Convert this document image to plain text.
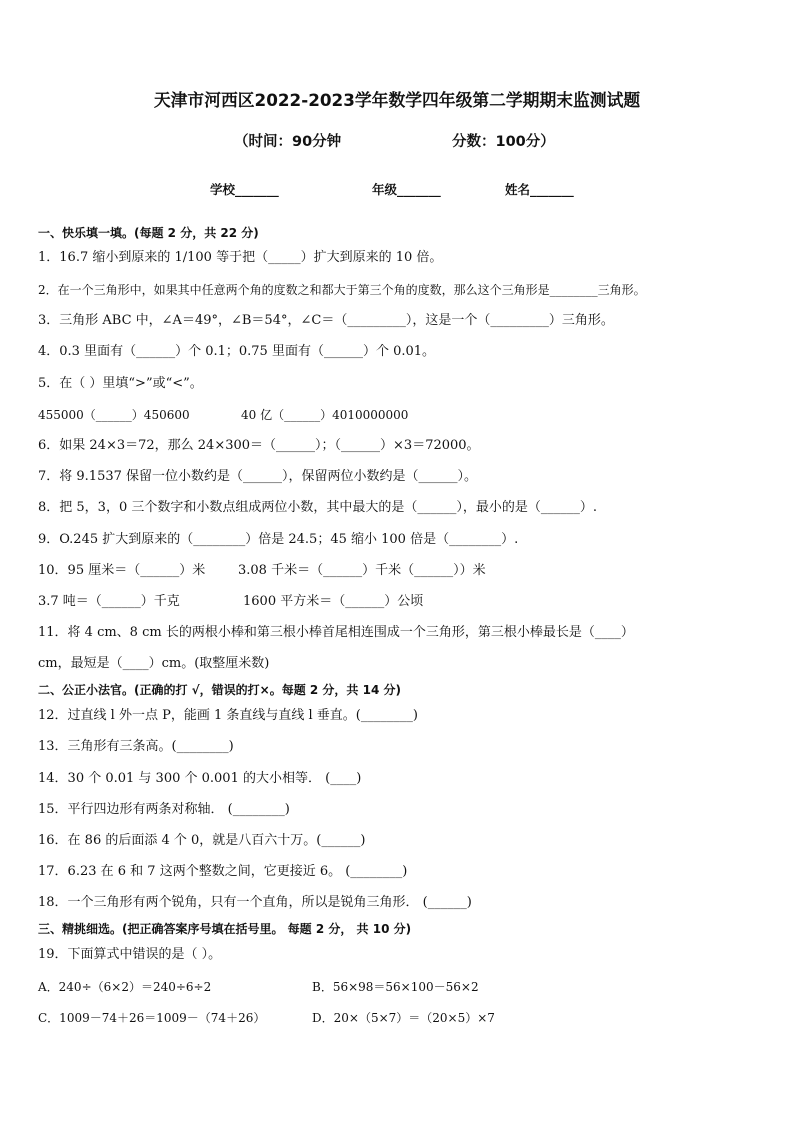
天津市河西区2022-2023学年数学四年级第二学期期末监测试题
（时间：90分钟	分数：100分）
学校_______	年级_______	姓名_______
一、快乐填一填。(每题 2 分，共 22 分)
1．16.7 缩小到原来的 1/100 等于把（_____）扩大到原来的 10 倍。
2．在一个三角形中，如果其中任意两个角的度数之和都大于第三个角的度数，那么这个三角形是________三角形。
3．三角形 ABC 中，∠A＝49°，∠B＝54°，∠C＝（_________），这是一个（_________）三角形。
4．0.3 里面有（______）个 0.1；0.75 里面有（______）个 0.01。
5．在（ ）里填“>”或“<”。
455000（______）450600	40 亿（______）4010000000
6．如果 24×3＝72，那么 24×300＝（______）；（______）×3＝72000。
7．将 9.1537 保留一位小数约是（______），保留两位小数约是（______）。
8．把 5，3，0 三个数字和小数点组成两位小数，其中最大的是（______），最小的是（______）.
9．O.245 扩大到原来的（________）倍是 24.5；45 缩小 100 倍是（________）.
10．95 厘米＝（______）米	3.08 千米＝（______）千米（______））米
3.7 吨＝（______）千克	1600 平方米＝（______）公顷
11．将 4 cm、8 cm 长的两根小棒和第三根小棒首尾相连围成一个三角形，第三根小棒最长是（____）
cm，最短是（____）cm。(取整厘米数)
二、公正小法官。(正确的打 √，错误的打×。每题 2 分，共 14 分)
12．过直线 l 外一点 P，能画 1 条直线与直线 l 垂直。(________)
13．三角形有三条高。(________)
14．30 个 0.01 与 300 个 0.001 的大小相等． (____)
15．平行四边形有两条对称轴． (________)
16．在 86 的后面添 4 个 0，就是八百六十万。(______)
17．6.23 在 6 和 7 这两个整数之间，它更接近 6。 (________)
18．一个三角形有两个锐角，只有一个直角，所以是锐角三角形． (______)
三、精挑细选。(把正确答案序号填在括号里。 每题 2 分， 共 10 分)
19．下面算式中错误的是（ ）。
A．240÷（6×2）＝240÷6÷2	B．56×98＝56×100－56×2
C．1009－74＋26＝1009－（74＋26）	D．20×（5×7）＝（20×5）×7
